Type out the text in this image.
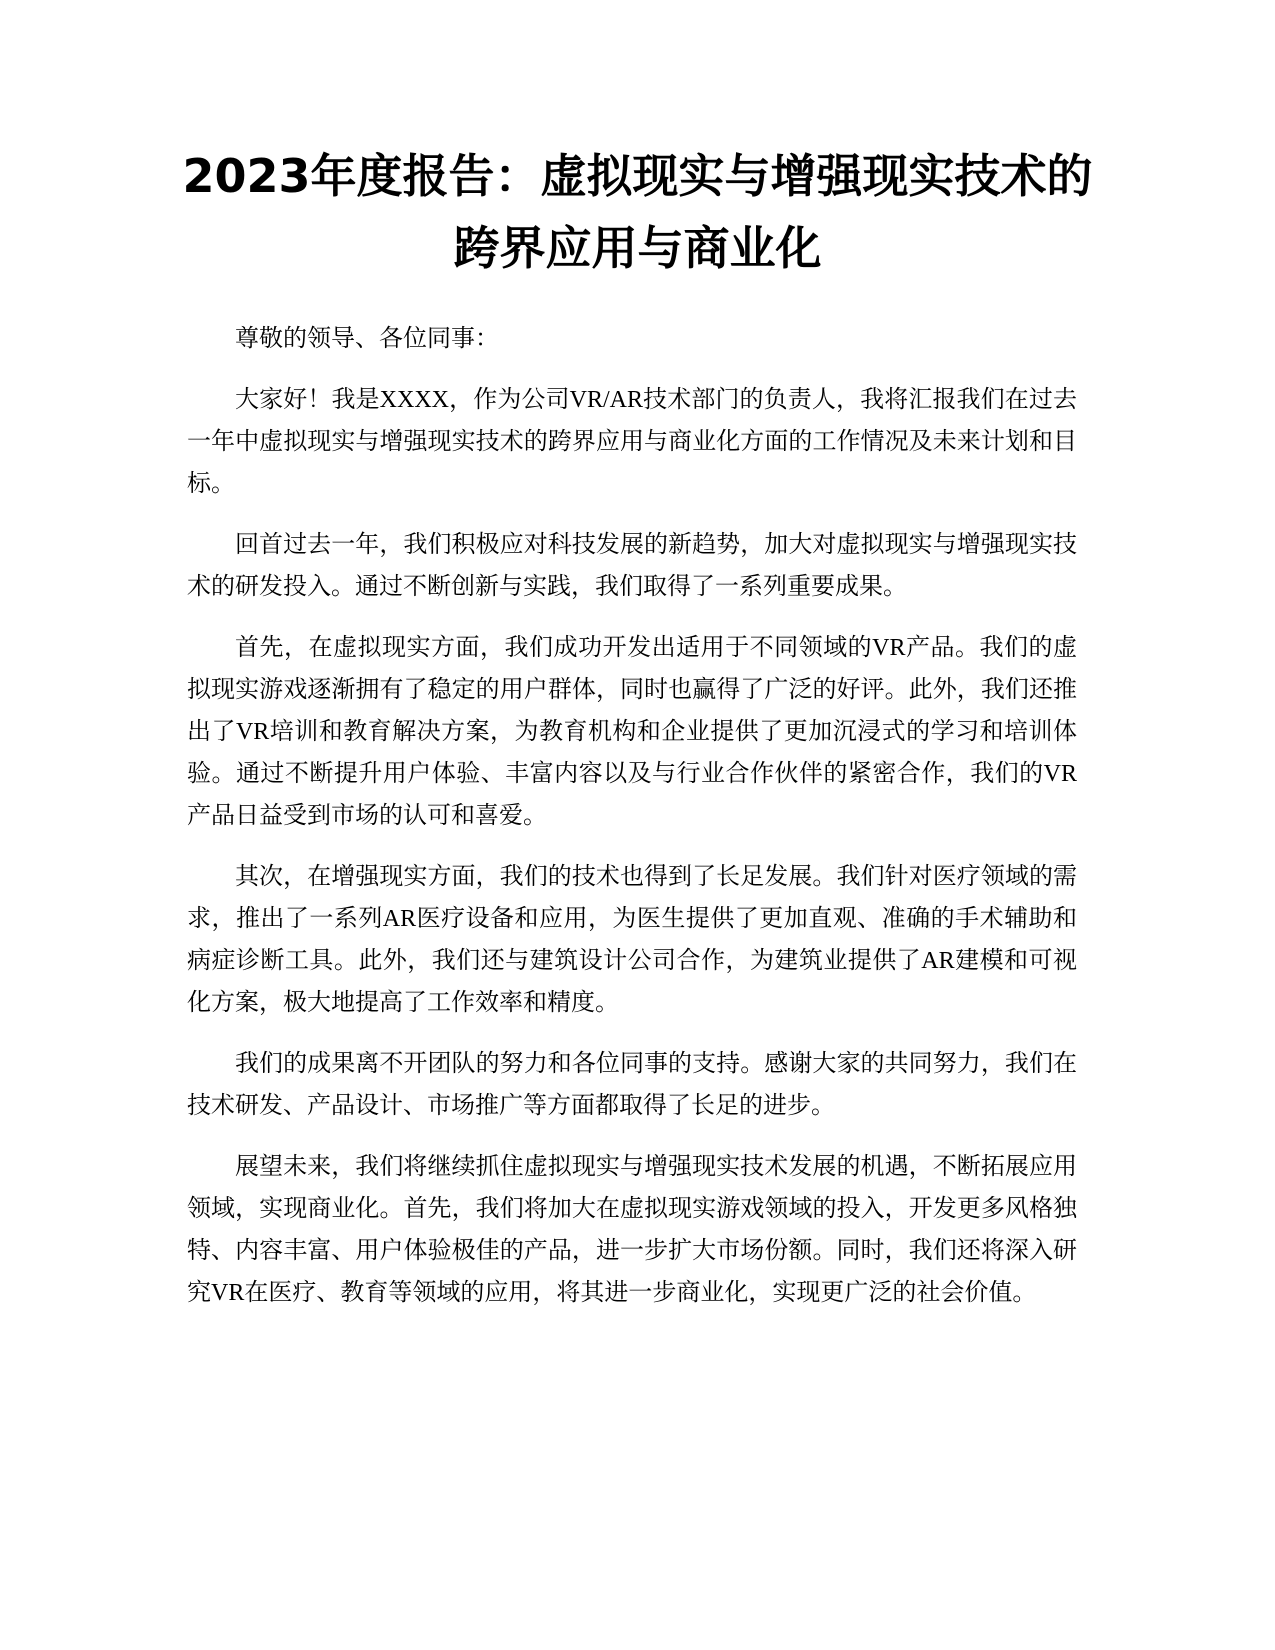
2023年度报告：虚拟现实与增强现实技术的
跨界应用与商业化

尊敬的领导、各位同事：

大家好！我是XXXX，作为公司VR/AR技术部门的负责人，我将汇报我们在过去一年中虚拟现实与增强现实技术的跨界应用与商业化方面的工作情况及未来计划和目标。

回首过去一年，我们积极应对科技发展的新趋势，加大对虚拟现实与增强现实技术的研发投入。通过不断创新与实践，我们取得了一系列重要成果。

首先，在虚拟现实方面，我们成功开发出适用于不同领域的VR产品。我们的虚拟现实游戏逐渐拥有了稳定的用户群体，同时也赢得了广泛的好评。此外，我们还推出了VR培训和教育解决方案，为教育机构和企业提供了更加沉浸式的学习和培训体验。通过不断提升用户体验、丰富内容以及与行业合作伙伴的紧密合作，我们的VR产品日益受到市场的认可和喜爱。

其次，在增强现实方面，我们的技术也得到了长足发展。我们针对医疗领域的需求，推出了一系列AR医疗设备和应用，为医生提供了更加直观、准确的手术辅助和病症诊断工具。此外，我们还与建筑设计公司合作，为建筑业提供了AR建模和可视化方案，极大地提高了工作效率和精度。

我们的成果离不开团队的努力和各位同事的支持。感谢大家的共同努力，我们在技术研发、产品设计、市场推广等方面都取得了长足的进步。

展望未来，我们将继续抓住虚拟现实与增强现实技术发展的机遇，不断拓展应用领域，实现商业化。首先，我们将加大在虚拟现实游戏领域的投入，开发更多风格独特、内容丰富、用户体验极佳的产品，进一步扩大市场份额。同时，我们还将深入研究VR在医疗、教育等领域的应用，将其进一步商业化，实现更广泛的社会价值。
